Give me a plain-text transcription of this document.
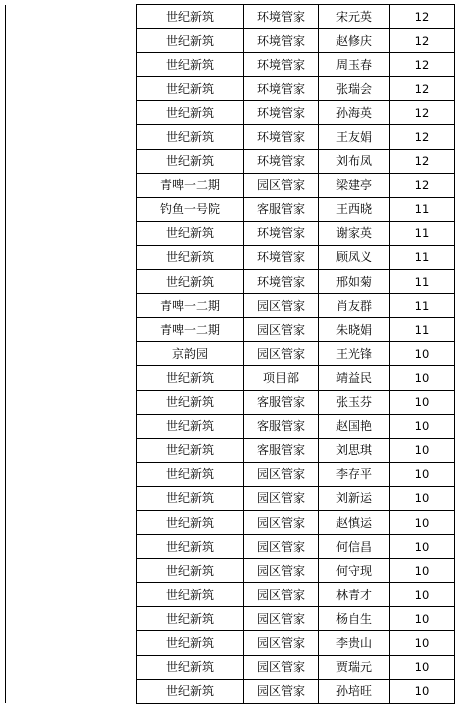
	世纪新筑	环境管家	宋元英	12
	世纪新筑	环境管家	赵修庆	12
	世纪新筑	环境管家	周玉春	12
	世纪新筑	环境管家	张瑞会	12
	世纪新筑	环境管家	孙海英	12
	世纪新筑	环境管家	王友娟	12
	世纪新筑	环境管家	刘布凤	12
	青啤一二期	园区管家	梁建亭	12
	钓鱼一号院	客服管家	王西晓	11
	世纪新筑	环境管家	谢家英	11
	世纪新筑	环境管家	顾凤义	11
	世纪新筑	环境管家	邢如菊	11
	青啤一二期	园区管家	肖友群	11
	青啤一二期	园区管家	朱晓娟	11
	京韵园	园区管家	王光锋	10
	世纪新筑	项目部	靖益民	10
	世纪新筑	客服管家	张玉芬	10
	世纪新筑	客服管家	赵国艳	10
	世纪新筑	客服管家	刘思琪	10
	世纪新筑	园区管家	李存平	10
	世纪新筑	园区管家	刘新运	10
	世纪新筑	园区管家	赵慎运	10
	世纪新筑	园区管家	何信昌	10
	世纪新筑	园区管家	何守现	10
	世纪新筑	园区管家	林青才	10
	世纪新筑	园区管家	杨自生	10
	世纪新筑	园区管家	李贵山	10
	世纪新筑	园区管家	贾瑞元	10
	世纪新筑	园区管家	孙培旺	10
